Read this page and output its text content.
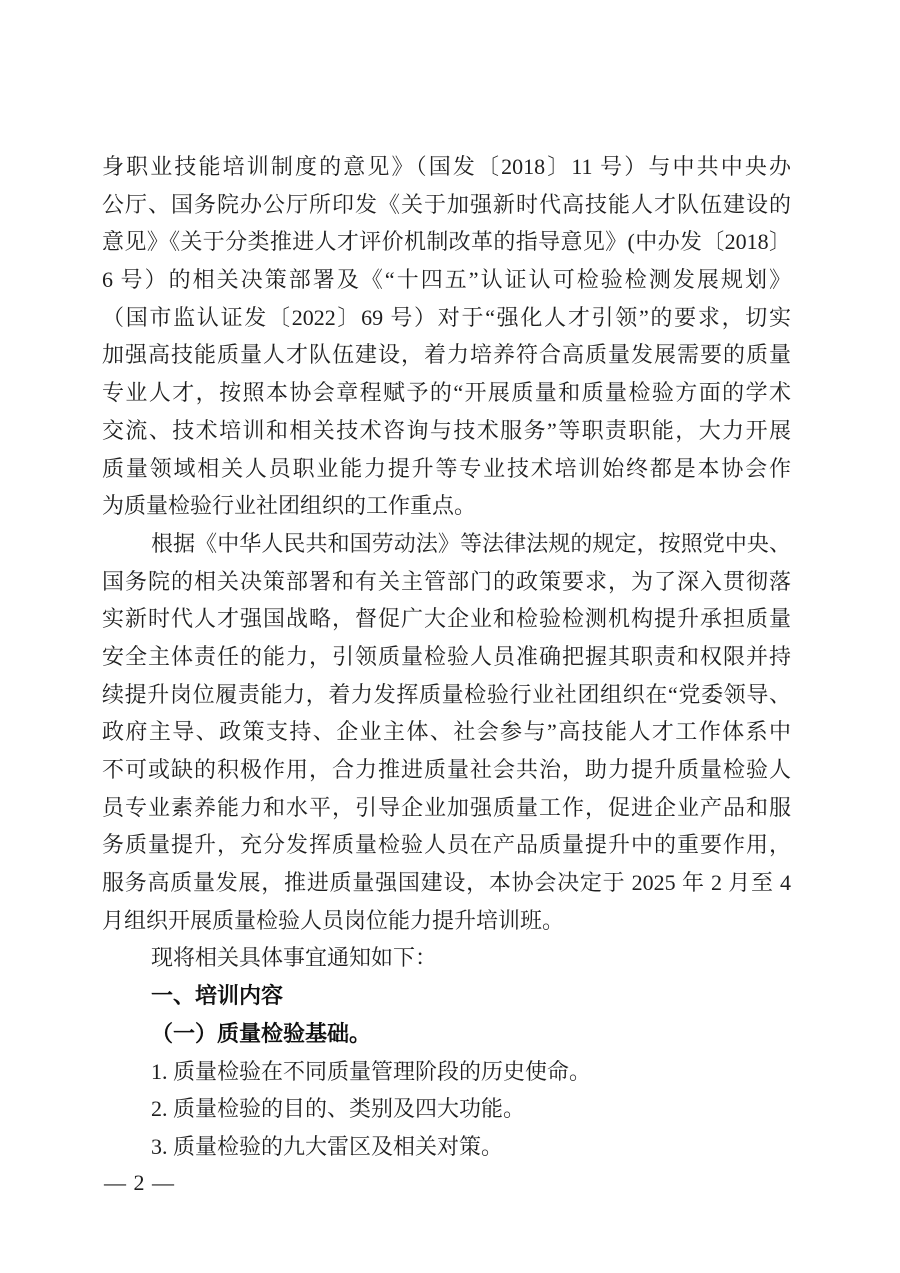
身职业技能培训制度的意见》（国发〔2018〕11 号）与中共中央办
公厅、国务院办公厅所印发《关于加强新时代高技能人才队伍建设的
意见》《关于分类推进人才评价机制改革的指导意见》(中办发〔2018〕
6 号）的相关决策部署及《“十四五”认证认可检验检测发展规划》
（国市监认证发〔2022〕69 号）对于“强化人才引领”的要求，切实
加强高技能质量人才队伍建设，着力培养符合高质量发展需要的质量
专业人才，按照本协会章程赋予的“开展质量和质量检验方面的学术
交流、技术培训和相关技术咨询与技术服务”等职责职能，大力开展
质量领域相关人员职业能力提升等专业技术培训始终都是本协会作
为质量检验行业社团组织的工作重点。
根据《中华人民共和国劳动法》等法律法规的规定，按照党中央、
国务院的相关决策部署和有关主管部门的政策要求，为了深入贯彻落
实新时代人才强国战略，督促广大企业和检验检测机构提升承担质量
安全主体责任的能力，引领质量检验人员准确把握其职责和权限并持
续提升岗位履责能力，着力发挥质量检验行业社团组织在“党委领导、
政府主导、政策支持、企业主体、社会参与”高技能人才工作体系中
不可或缺的积极作用，合力推进质量社会共治，助力提升质量检验人
员专业素养能力和水平，引导企业加强质量工作，促进企业产品和服
务质量提升，充分发挥质量检验人员在产品质量提升中的重要作用，
服务高质量发展，推进质量强国建设，本协会决定于 2025 年 2 月至 4
月组织开展质量检验人员岗位能力提升培训班。
现将相关具体事宜通知如下：
一、培训内容
（一）质量检验基础。
1. 质量检验在不同质量管理阶段的历史使命。
2. 质量检验的目的、类别及四大功能。
3. 质量检验的九大雷区及相关对策。
— 2 —
